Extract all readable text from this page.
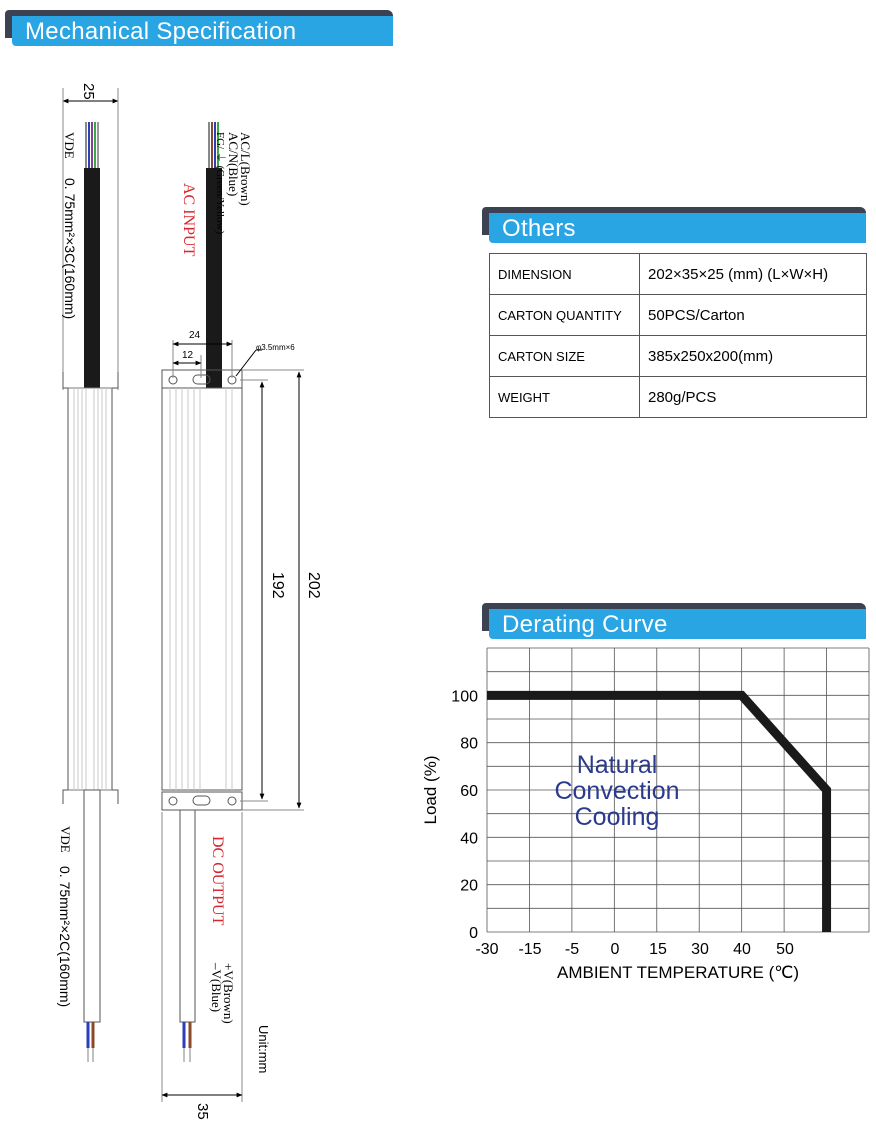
Mechanical Specification
Others
Derating Curve
DIMENSION	202×35×25 (mm) (L×W×H)
CARTON QUANTITY	50PCS/Carton
CARTON SIZE	385x250x200(mm)
WEIGHT	280g/PCS
25
VDE
0. 75mm²×3C(160mm)
AC/L(Brown)
AC/N(Blue)
FG/ ⏚ (Green/Yellow)
AC INPUT
24
12
φ3.5mm×6
192 202
VDE
0. 75mm²×2C(160mm)	DC OUTPUT
+V(Brown)
–V(Blue)
Unit:mm
35
-30 -15 -5 0 15 30 40 50
0
20
40
60
80
100
AMBIENT TEMPERATURE (℃)
Load (%)	Natural
Convection
Cooling
